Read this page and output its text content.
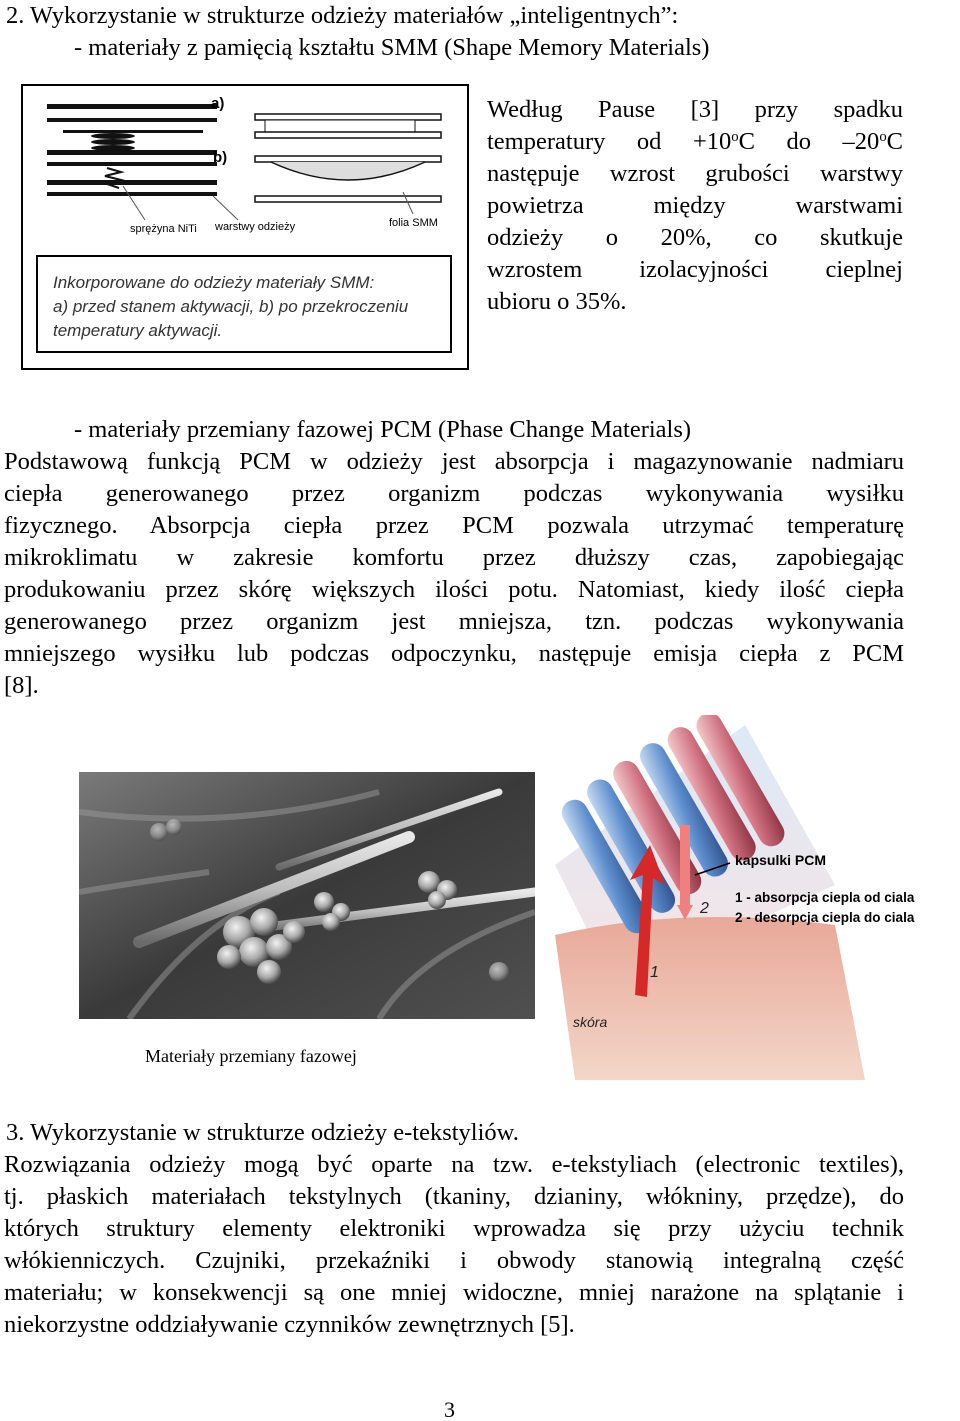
2. Wykorzystanie w strukturze odzieży materiałów „inteligentnych”:
- materiały z pamięcią kształtu SMM (Shape Memory Materials)
a)
b)
sprężyna NiTi warstwy odzieży	folia SMM
Inkorporowane do odzieży materiały SMM:
a) przed stanem aktywacji, b) po przekroczeniu
temperatury aktywacji.
Według Pause [3] przy spadku
temperatury od $+10^oC$ do –20$^o$C
następuje wzrost grubości warstwy
powietrza między warstwami
odzieży o 20%, co skutkuje
wzrostem izolacyjności cieplnej
ubioru o 35%.
- materiały przemiany fazowej PCM (Phase Change Materials)
Podstawową funkcją PCM w odzieży jest absorpcja i magazynowanie nadmiaru
ciepła generowanego przez organizm podczas wykonywania wysiłku
fizycznego. Absorpcja ciepła przez PCM pozwala utrzymać temperaturę
mikroklimatu w zakresie komfortu przez dłuższy czas, zapobiegając
produkowaniu przez skórę większych ilości potu. Natomiast, kiedy ilość ciepła
generowanego przez organizm jest mniejsza, tzn. podczas wykonywania
mniejszego wysiłku lub podczas odpoczynku, następuje emisja ciepła z PCM
[8].
Materiały przemiany fazowej
kapsulki PCM
1 - absorpcja ciepla od ciala
2 - desorpcja ciepla do ciala
1
2
skóra
3. Wykorzystanie w strukturze odzieży e-tekstyliów.
Rozwiązania odzieży mogą być oparte na tzw. e-tekstyliach (electronic textiles),
tj. płaskich materiałach tekstylnych (tkaniny, dzianiny, włókniny, przędze), do
których struktury elementy elektroniki wprowadza się przy użyciu technik
włókienniczych. Czujniki, przekaźniki i obwody stanowią integralną część
materiału; w konsekwencji są one mniej widoczne, mniej narażone na splątanie i
niekorzystne oddziaływanie czynników zewnętrznych [5].
3
